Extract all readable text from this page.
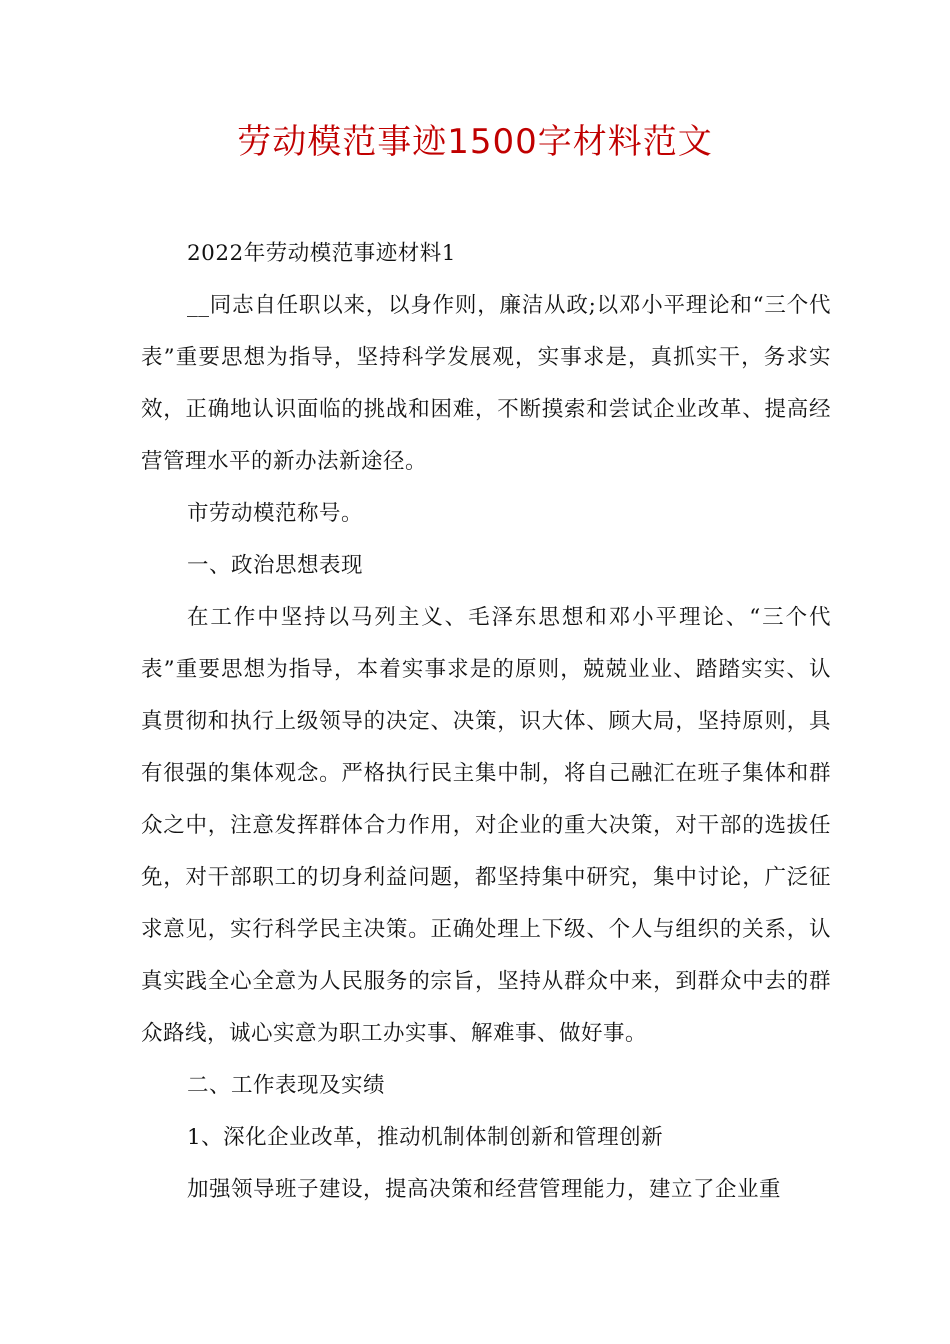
劳动模范事迹1500字材料范文

2022年劳动模范事迹材料1

__同志自任职以来，以身作则，廉洁从政;以邓小平理论和“三个代表”重要思想为指导，坚持科学发展观，实事求是，真抓实干，务求实效，正确地认识面临的挑战和困难，不断摸索和尝试企业改革、提高经营管理水平的新办法新途径。

市劳动模范称号。

一、政治思想表现

在工作中坚持以马列主义、毛泽东思想和邓小平理论、“三个代表”重要思想为指导，本着实事求是的原则，兢兢业业、踏踏实实、认真贯彻和执行上级领导的决定、决策，识大体、顾大局，坚持原则，具有很强的集体观念。严格执行民主集中制，将自己融汇在班子集体和群众之中，注意发挥群体合力作用，对企业的重大决策，对干部的选拔任免，对干部职工的切身利益问题，都坚持集中研究，集中讨论，广泛征求意见，实行科学民主决策。正确处理上下级、个人与组织的关系，认真实践全心全意为人民服务的宗旨，坚持从群众中来，到群众中去的群众路线，诚心实意为职工办实事、解难事、做好事。

二、工作表现及实绩

1、深化企业改革，推动机制体制创新和管理创新

加强领导班子建设，提高决策和经营管理能力，建立了企业重
